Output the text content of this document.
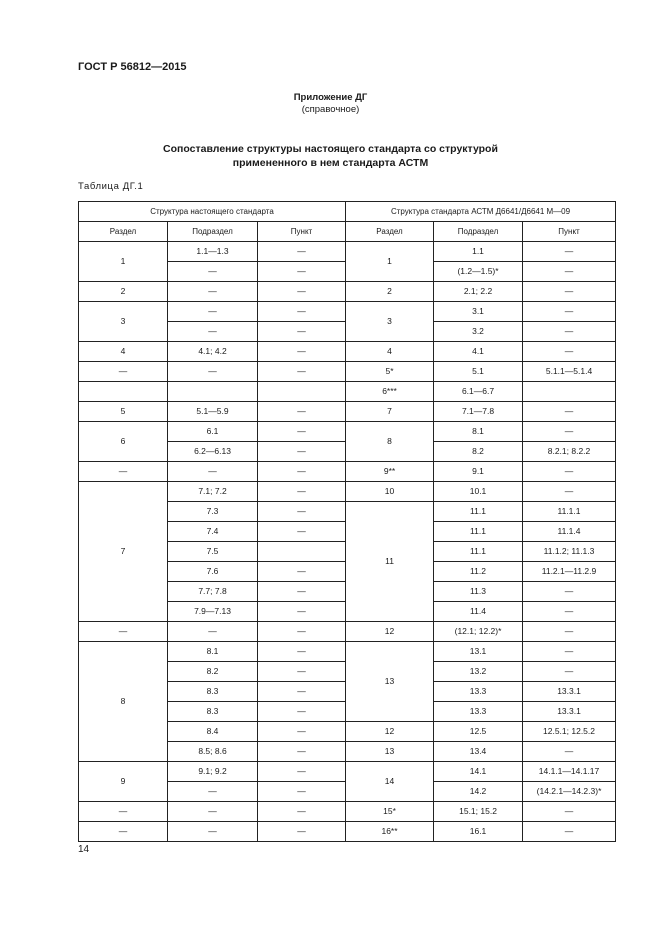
ГОСТ Р 56812—2015
Приложение ДГ
(справочное)
Сопоставление структуры настоящего стандарта со структурой
примененного в нем стандарта АСТМ
Таблица ДГ.1
Структура настоящего стандарта			Структура стандарта АСТМ Д6641/Д6641 М—09		
Раздел	Подраздел	Пункт	Раздел	Подраздел	Пункт
1	1.1—1.3	—	1	1.1	—
	—	—		(1.2—1.5)*	—
2	—	—	2	2.1; 2.2	—
3	—	—	3	3.1	—
	—	—		3.2	—
4	4.1; 4.2	—	4	4.1	—
—	—	—	5*	5.1	5.1.1—5.1.4
			6***	6.1—6.7	
5	5.1—5.9	—	7	7.1—7.8	—
6	6.1	—	8	8.1	—
	6.2—6.13	—		8.2	8.2.1; 8.2.2
—	—	—	9**	9.1	—
7	7.1; 7.2	—	10	10.1	—
	7.3	—	11	11.1	11.1.1
	7.4	—		11.1	11.1.4
	7.5			11.1	11.1.2; 11.1.3
	7.6	—		11.2	11.2.1—11.2.9
	7.7; 7.8	—		11.3	—
	7.9—7.13	—		11.4	—
—	—	—	12	(12.1; 12.2)*	—
8	8.1	—	13	13.1	—
	8.2	—		13.2	—
	8.3	—		13.3	13.3.1
	8.3	—		13.3	13.3.1
	8.4	—	12	12.5	12.5.1; 12.5.2
	8.5; 8.6	—	13	13.4	—
9	9.1; 9.2	—	14	14.1	14.1.1—14.1.17
	—	—		14.2	(14.2.1—14.2.3)*
—	—	—	15*	15.1; 15.2	—
—	—	—	16**	16.1	—
14
